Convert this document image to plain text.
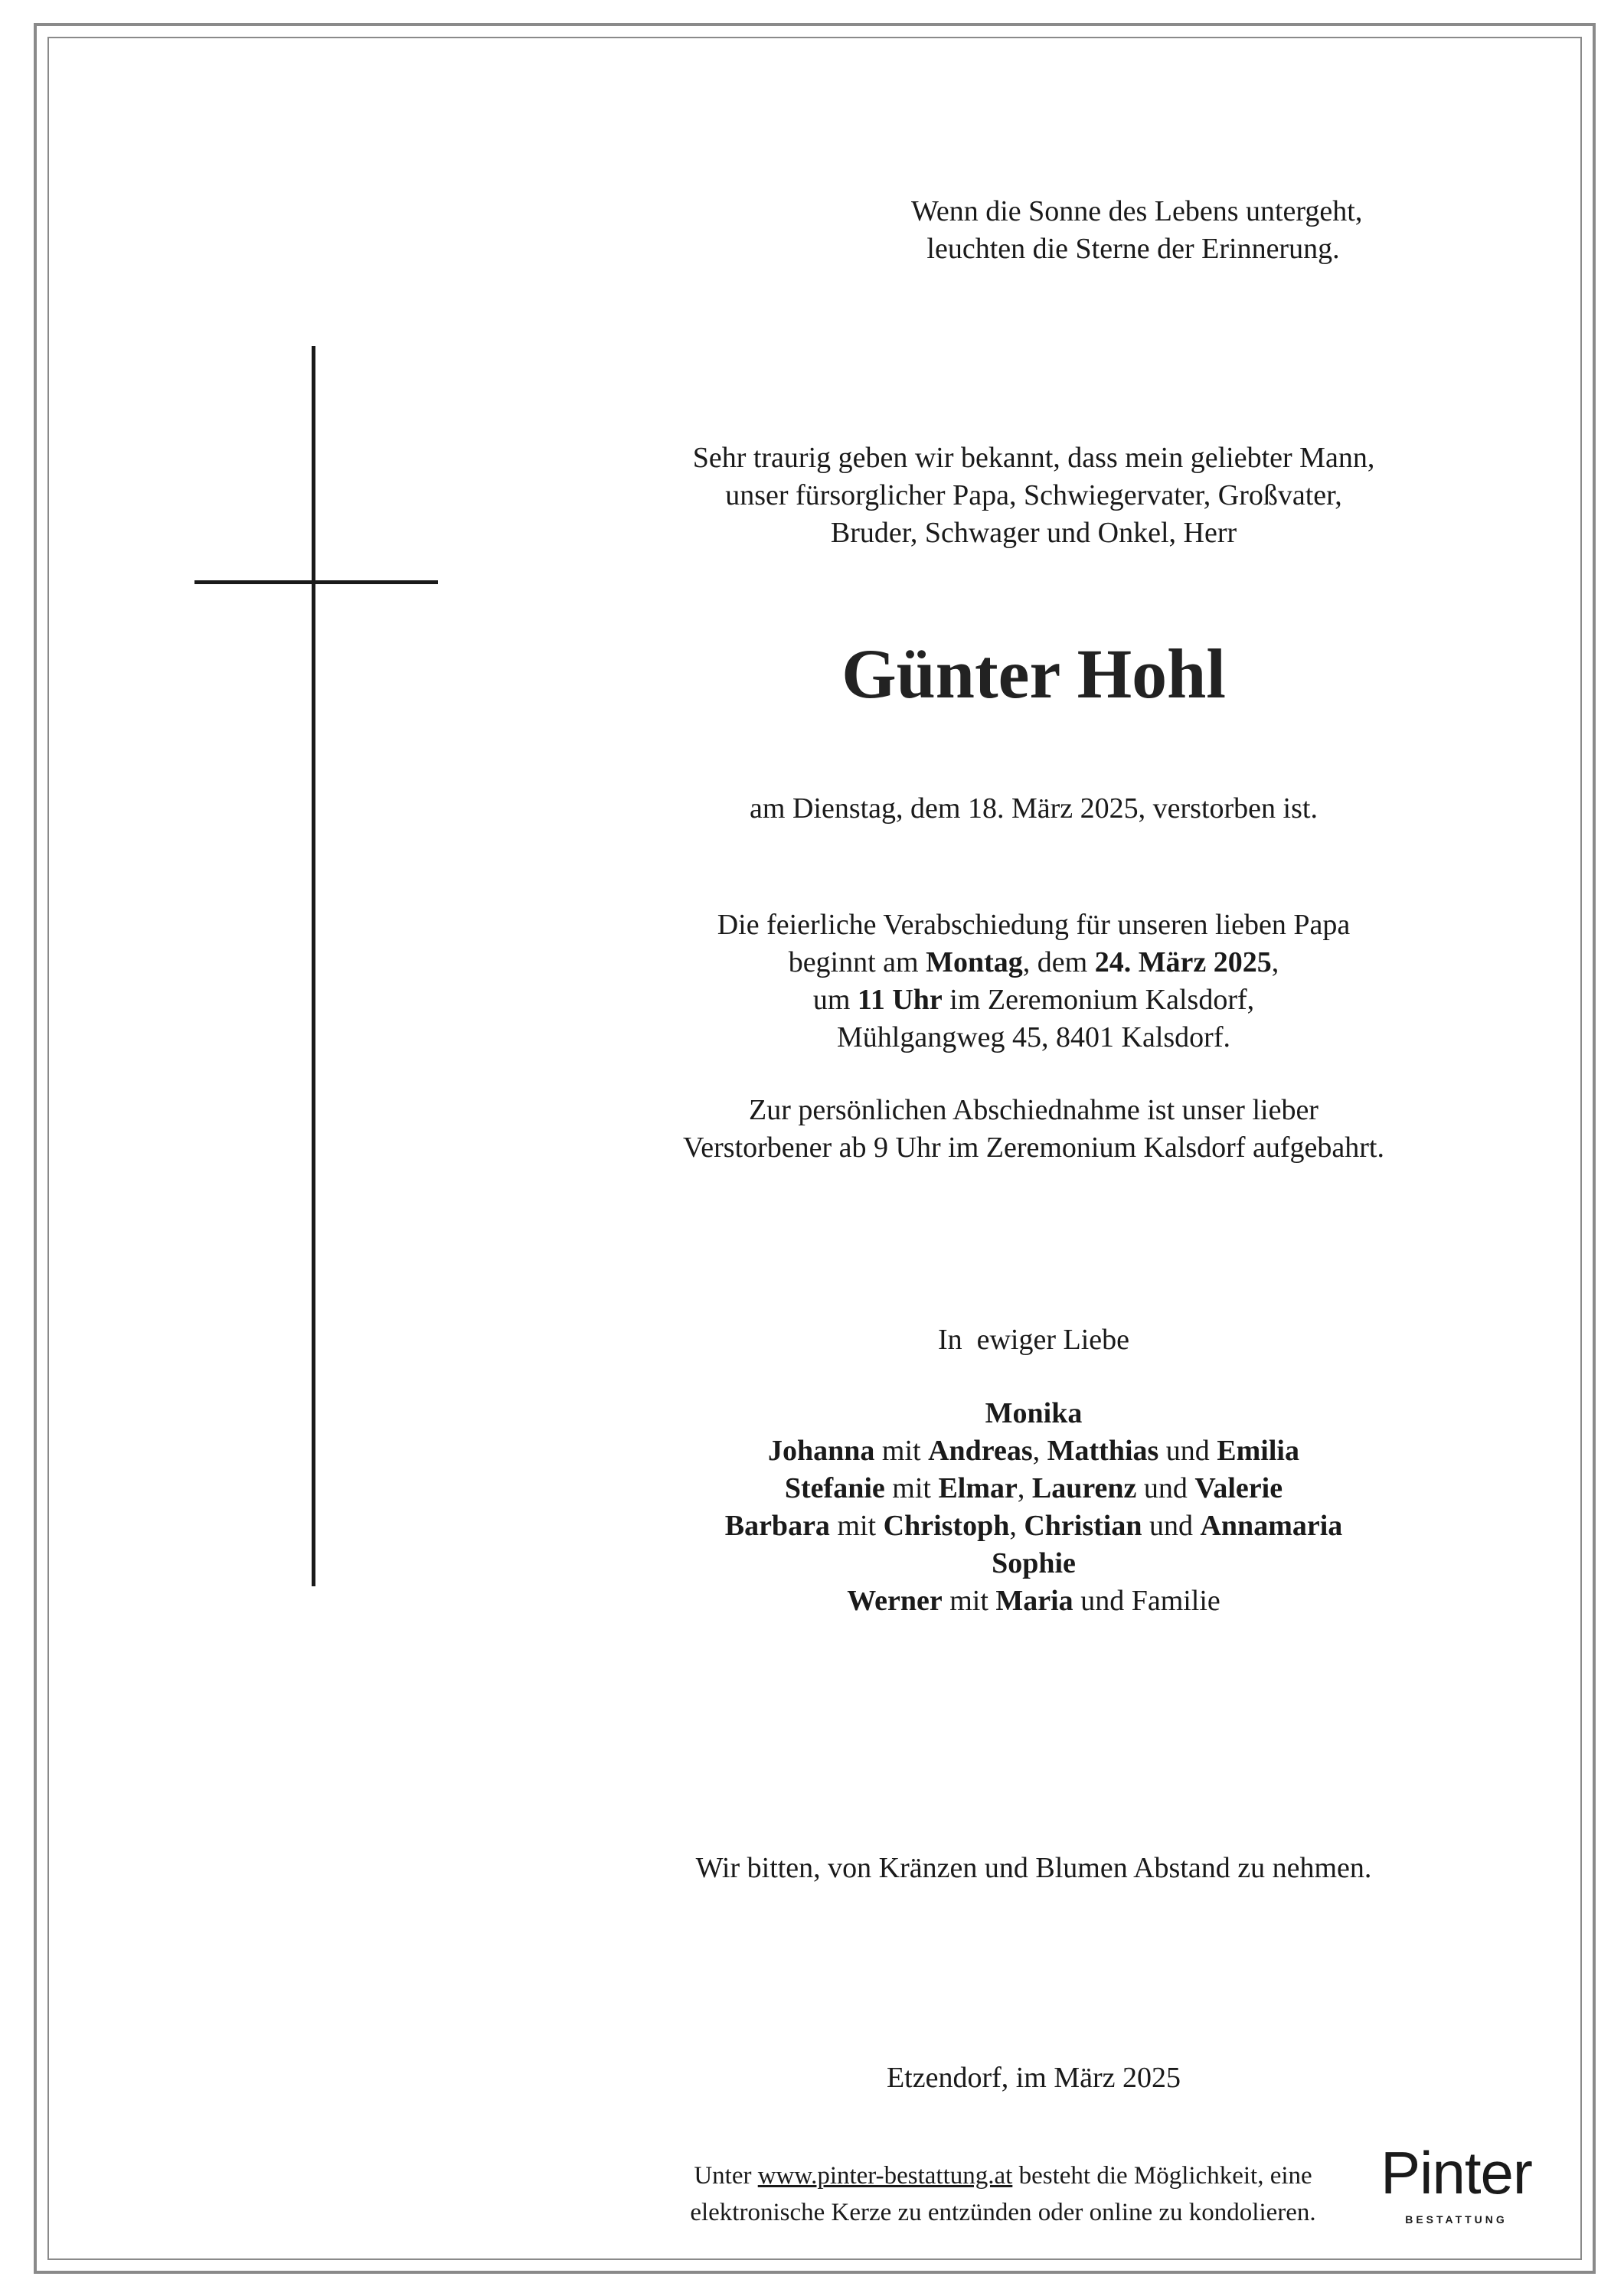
Wenn die Sonne des Lebens untergeht,
leuchten die Sterne der Erinnerung.
Sehr traurig geben wir bekannt, dass mein geliebter Mann,
unser fürsorglicher Papa, Schwiegervater, Großvater,
Bruder, Schwager und Onkel, Herr
Günter Hohl
am Dienstag, dem 18. März 2025, verstorben ist.
Die feierliche Verabschiedung für unseren lieben Papa
beginnt am Montag, dem 24. März 2025,
um 11 Uhr im Zeremonium Kalsdorf,
Mühlgangweg 45, 8401 Kalsdorf.
Zur persönlichen Abschiednahme ist unser lieber
Verstorbener ab 9 Uhr im Zeremonium Kalsdorf aufgebahrt.
In  ewiger Liebe
Monika
Johanna mit Andreas, Matthias und Emilia
Stefanie mit Elmar, Laurenz und Valerie
Barbara mit Christoph, Christian und Annamaria
Sophie
Werner mit Maria und Familie
Wir bitten, von Kränzen und Blumen Abstand zu nehmen.
Etzendorf, im März 2025
Unter www.pinter-bestattung.at besteht die Möglichkeit, eine
elektronische Kerze zu entzünden oder online zu kondolieren.
Pinter
BESTATTUNG
